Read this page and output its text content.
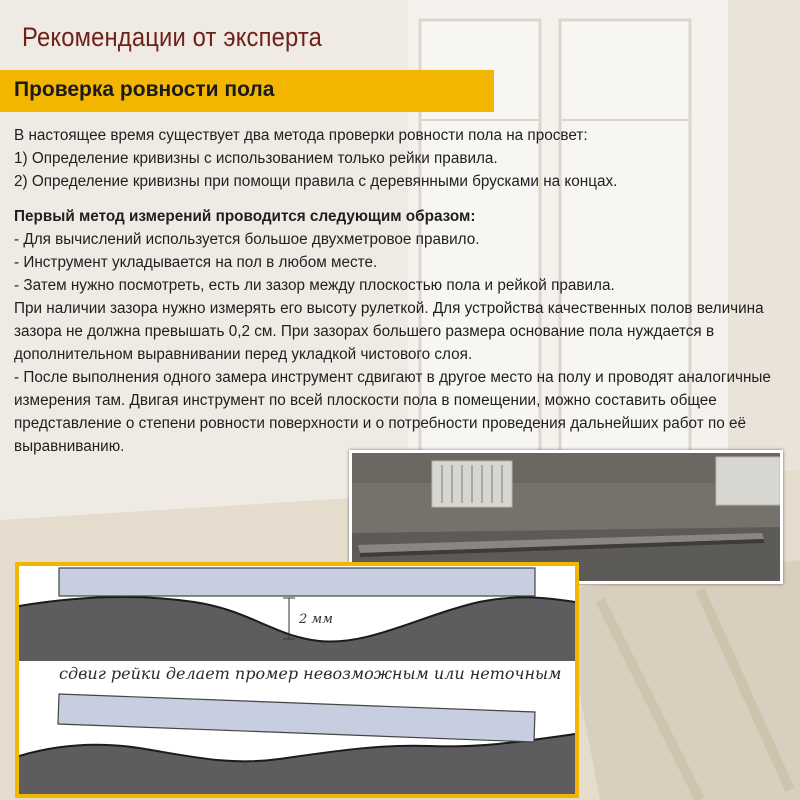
Рекомендации от эксперта
Проверка ровности пола

В настоящее время существует два метода проверки ровности пола на просвет:

1) Определение кривизны с использованием только рейки правила.

2) Определение кривизны при помощи правила с деревянными брусками на концах.

Первый метод измерений проводится следующим образом:

- Для вычислений используется большое двухметровое правило.

- Инструмент укладывается на пол в любом месте.

- Затем нужно посмотреть, есть ли зазор между плоскостью пола и рейкой правила.

При наличии зазора нужно измерять его высоту рулеткой. Для устройства качественных полов величина зазора не должна превышать 0,2 см. При зазорах большего размера основание пола нуждается в дополнительном выравнивании перед укладкой чистового слоя.

- После выполнения одного замера инструмент сдвигают в другое место на полу и проводят аналогичные измерения там. Двигая инструмент по всей плоскости пола в помещении, можно составить общее представление о степени ровности поверхности и о потребности проведения дальнейших работ по её выравниванию.

2 мм
сдвиг рейки делает промер невозможным или неточным
